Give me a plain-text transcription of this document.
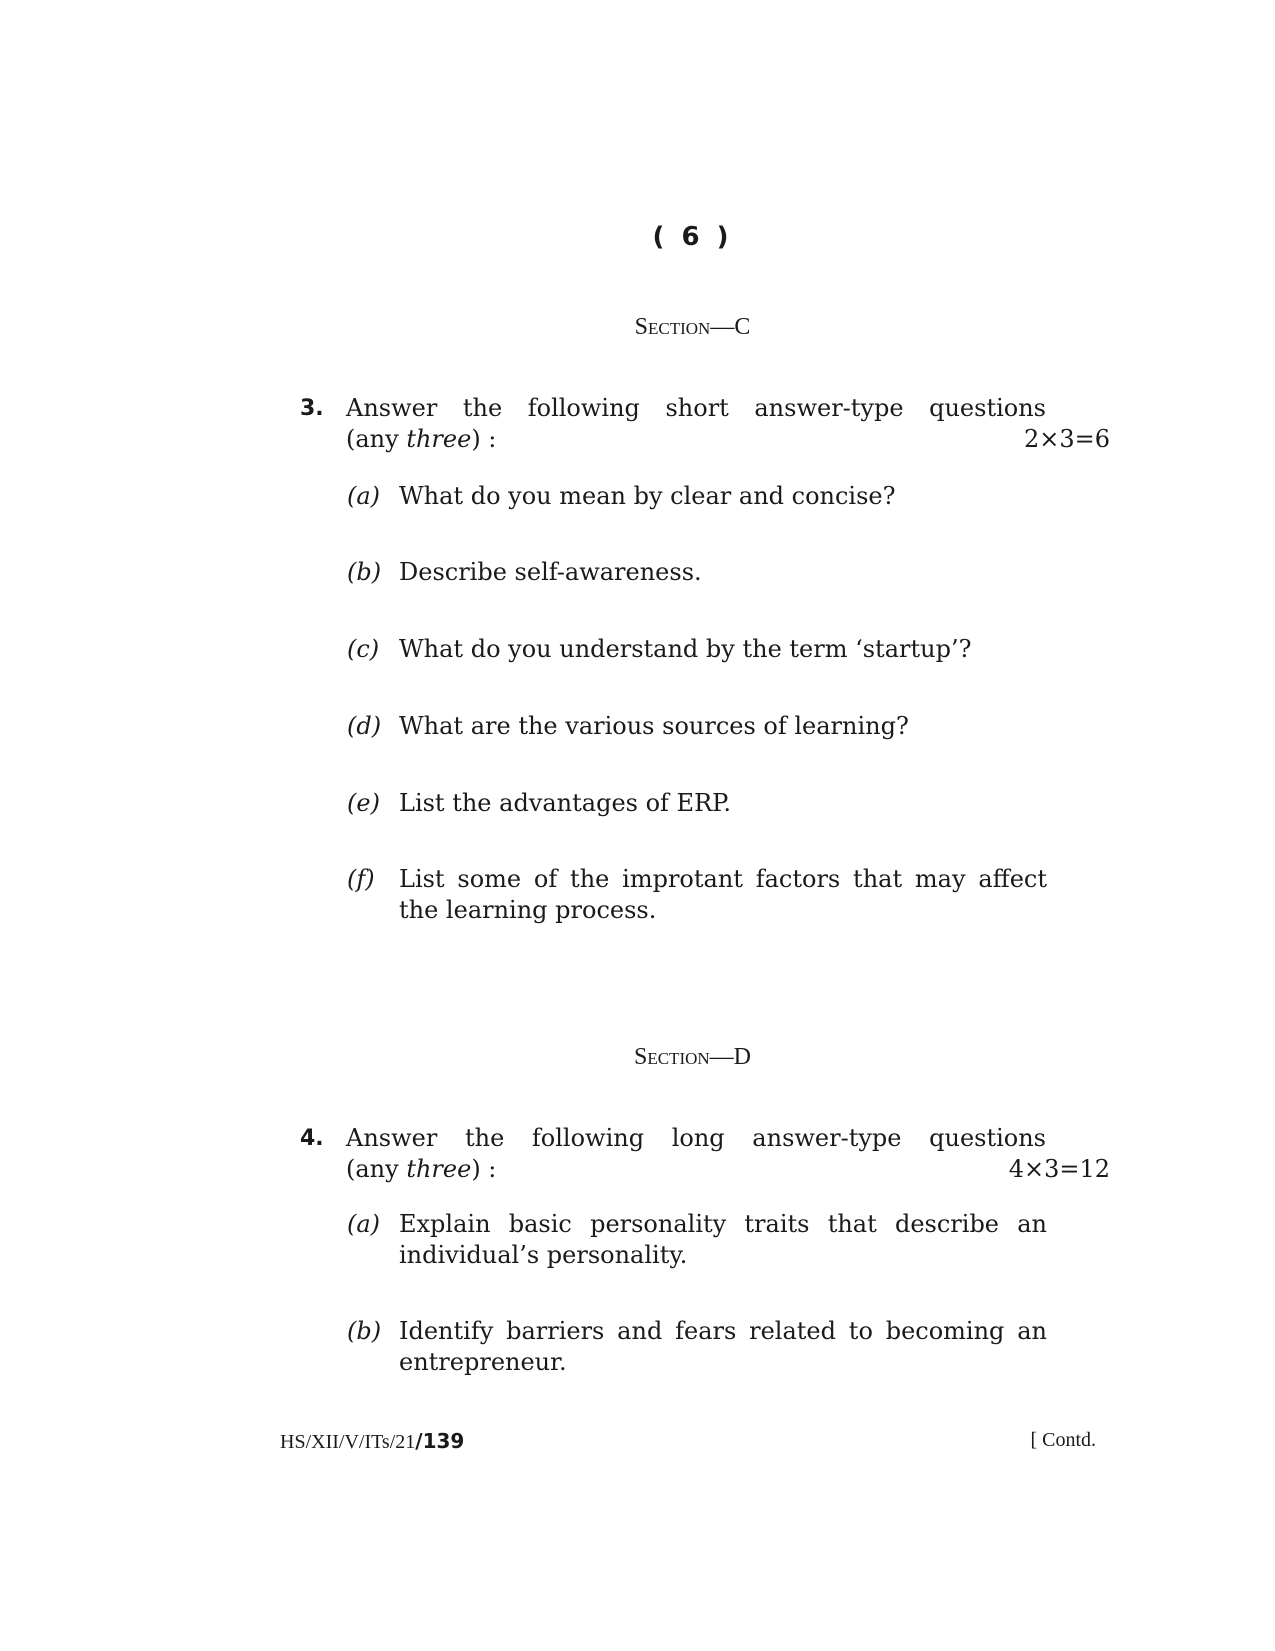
( 6 )
Section—C
3. Answer the following short answer-type questions
(any three) :	2×3=6
(a) What do you mean by clear and concise?
(b) Describe self-awareness.
(c) What do you understand by the term ‘startup’?
(d) What are the various sources of learning?
(e) List the advantages of ERP.
(f) List some of the improtant factors that may affect the learning process.
Section—D
4. Answer the following long answer-type questions
(any three) :	4×3=12
(a) Explain basic personality traits that describe an individual’s personality.
(b) Identify barriers and fears related to becoming an entrepreneur.
HS/XII/V/ITs/21/139	[ Contd.
